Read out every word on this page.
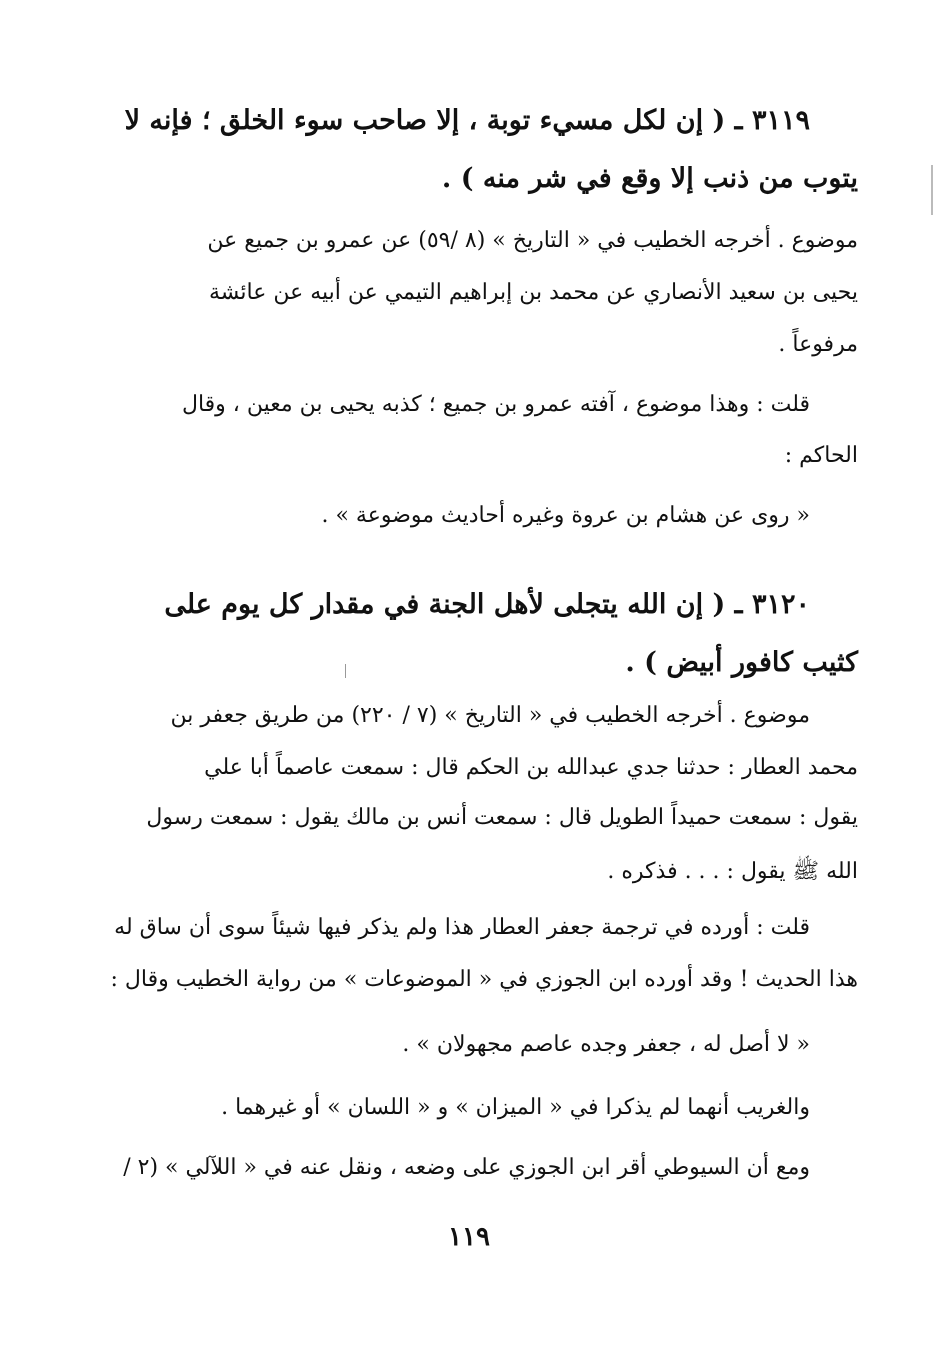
٣١١٩ ـ ( إن لكل مسيء توبة ، إلا صاحب سوء الخلق ؛ فإنه لا
يتوب من ذنب إلا وقع في شر منه ) .
موضوع . أخرجه الخطيب في « التاريخ » (٨ /٥٩) عن عمرو بن جميع عن
يحيى بن سعيد الأنصاري عن محمد بن إبراهيم التيمي عن أبيه عن عائشة
مرفوعاً .
قلت : وهذا موضوع ، آفته عمرو بن جميع ؛ كذبه يحيى بن معين ، وقال
الحاكم :
« روى عن هشام بن عروة وغيره أحاديث موضوعة » .
٣١٢٠ ـ ( إن الله يتجلى لأهل الجنة في مقدار كل يوم على
كثيب كافور أبيض ) .
موضوع . أخرجه الخطيب في « التاريخ » (٧ / ٢٢٠) من طريق جعفر بن
محمد العطار : حدثنا جدي عبدالله بن الحكم قال : سمعت عاصماً أبا علي
يقول : سمعت حميداً الطويل قال : سمعت أنس بن مالك يقول : سمعت رسول
الله ﷺ يقول : . . . فذكره .
قلت : أورده في ترجمة جعفر العطار هذا ولم يذكر فيها شيئاً سوى أن ساق له
هذا الحديث ! وقد أورده ابن الجوزي في « الموضوعات » من رواية الخطيب وقال :
« لا أصل له ، جعفر وجده عاصم مجهولان » .
والغريب أنهما لم يذكرا في « الميزان » و « اللسان » أو غيرهما .
ومع أن السيوطي أقر ابن الجوزي على وضعه ، ونقل عنه في « اللآلي » (٢ /
١١٩
